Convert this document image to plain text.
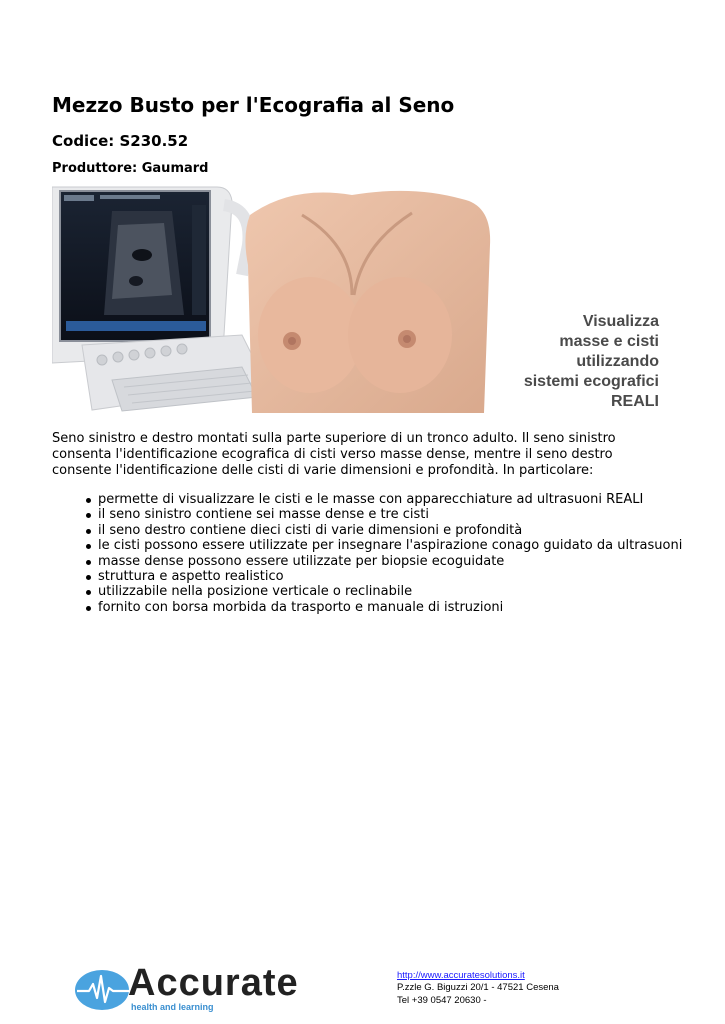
Mezzo Busto per l'Ecografia al Seno

Codice: S230.52

Produttore: Gaumard

Visualizza
masse e cisti
utilizzando
sistemi ecografici
REALI

Seno sinistro e destro montati sulla parte superiore di un tronco adulto. Il seno sinistro consenta l'identificazione ecografica di cisti verso masse dense, mentre il seno destro consente l'identificazione delle cisti di varie dimensioni e profondità. In particolare:

permette di visualizzare le cisti e le masse con apparecchiature ad ultrasuoni REALI
il seno sinistro contiene sei masse dense e tre cisti
il seno destro contiene dieci cisti di varie dimensioni e profondità
le cisti possono essere utilizzate per insegnare l'aspirazione conago guidato da ultrasuoni
masse dense possono essere utilizzate per biopsie ecoguidate
struttura e aspetto realistico
utilizzabile nella posizione verticale o reclinabile
fornito con borsa morbida da trasporto e manuale di istruzioni
Accurate
health and learning
http://www.accuratesolutions.it
P.zzle G. Biguzzi 20/1 - 47521 Cesena
Tel +39 0547 20630 -
